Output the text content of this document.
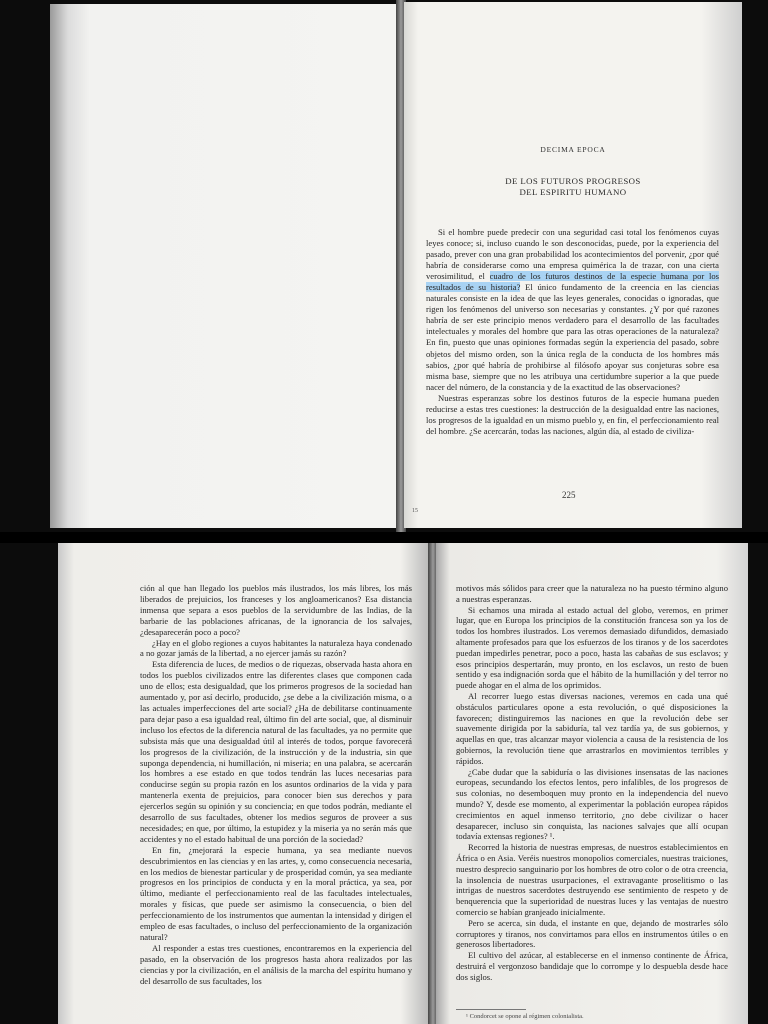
DECIMA EPOCA
DE LOS FUTUROS PROGRESOS
DEL ESPIRITU HUMANO

Si el hombre puede predecir con una seguridad casi total los fenómenos cuyas leyes conoce; si, incluso cuando le son desconocidas, puede, por la experiencia del pasado, prever con una gran probabilidad los acontecimientos del porvenir, ¿por qué habría de considerarse como una empresa quimérica la de trazar, con una cierta verosimilitud, el cuadro de los futuros destinos de la especie humana por los resultados de su historia? El único fundamento de la creencia en las ciencias naturales consiste en la idea de que las leyes generales, conocidas o ignoradas, que rigen los fenómenos del universo son necesarias y constantes. ¿Y por qué razones habría de ser este principio menos verdadero para el desarrollo de las facultades intelectuales y morales del hombre que para las otras operaciones de la naturaleza? En fin, puesto que unas opiniones formadas según la experiencia del pasado, sobre objetos del mismo orden, son la única regla de la conducta de los hombres más sabios, ¿por qué habría de prohibirse al filósofo apoyar sus conjeturas sobre esa misma base, siempre que no les atribuya una certidumbre superior a la que puede nacer del número, de la constancia y de la exactitud de las observaciones?

Nuestras esperanzas sobre los destinos futuros de la especie humana pueden reducirse a estas tres cuestiones: la destrucción de la desigualdad entre las naciones, los progresos de la igualdad en un mismo pueblo y, en fin, el perfeccionamiento real del hombre. ¿Se acercarán, todas las naciones, algún día, al estado de civiliza-

225
15

ción al que han llegado los pueblos más ilustrados, los más libres, los más liberados de prejuicios, los franceses y los angloamericanos? Esa distancia inmensa que separa a esos pueblos de la servidumbre de las Indias, de la barbarie de las poblaciones africanas, de la ignorancia de los salvajes, ¿desaparecerán poco a poco?

¿Hay en el globo regiones a cuyos habitantes la naturaleza haya condenado a no gozar jamás de la libertad, a no ejercer jamás su razón?

Esta diferencia de luces, de medios o de riquezas, observada hasta ahora en todos los pueblos civilizados entre las diferentes clases que componen cada uno de ellos; esta desigualdad, que los primeros progresos de la sociedad han aumentado y, por así decirlo, producido, ¿se debe a la civilización misma, o a las actuales imperfecciones del arte social? ¿Ha de debilitarse continuamente para dejar paso a esa igualdad real, último fin del arte social, que, al disminuir incluso los efectos de la diferencia natural de las facultades, ya no permite que subsista más que una desigualdad útil al interés de todos, porque favorecerá los progresos de la civilización, de la instrucción y de la industria, sin que suponga dependencia, ni humillación, ni miseria; en una palabra, se acercarán los hombres a ese estado en que todos tendrán las luces necesarias para conducirse según su propia razón en los asuntos ordinarios de la vida y para mantenerla exenta de prejuicios, para conocer bien sus derechos y para ejercerlos según su opinión y su conciencia; en que todos podrán, mediante el desarrollo de sus facultades, obtener los medios seguros de proveer a sus necesidades; en que, por último, la estupidez y la miseria ya no serán más que accidentes y no el estado habitual de una porción de la sociedad?

En fin, ¿mejorará la especie humana, ya sea mediante nuevos descubrimientos en las ciencias y en las artes, y, como consecuencia necesaria, en los medios de bienestar particular y de prosperidad común, ya sea mediante progresos en los principios de conducta y en la moral práctica, ya sea, por último, mediante el perfeccionamiento real de las facultades intelectuales, morales y físicas, que puede ser asimismo la consecuencia, o bien del perfeccionamiento de los instrumentos que aumentan la intensidad y dirigen el empleo de esas facultades, o incluso del perfeccionamiento de la organización natural?

Al responder a estas tres cuestiones, encontraremos en la experiencia del pasado, en la observación de los progresos hasta ahora realizados por las ciencias y por la civilización, en el análisis de la marcha del espíritu humano y del desarrollo de sus facultades, los

motivos más sólidos para creer que la naturaleza no ha puesto término alguno a nuestras esperanzas.

Si echamos una mirada al estado actual del globo, veremos, en primer lugar, que en Europa los principios de la constitución francesa son ya los de todos los hombres ilustrados. Los veremos demasiado difundidos, demasiado altamente profesados para que los esfuerzos de los tiranos y de los sacerdotes puedan impedirles penetrar, poco a poco, hasta las cabañas de sus esclavos; y esos principios despertarán, muy pronto, en los esclavos, un resto de buen sentido y esa indignación sorda que el hábito de la humillación y del terror no puede ahogar en el alma de los oprimidos.

Al recorrer luego estas diversas naciones, veremos en cada una qué obstáculos particulares opone a esta revolución, o qué disposiciones la favorecen; distinguiremos las naciones en que la revolución debe ser suavemente dirigida por la sabiduría, tal vez tardía ya, de sus gobiernos, y aquellas en que, tras alcanzar mayor violencia a causa de la resistencia de los gobiernos, la revolución tiene que arrastrarlos en movimientos terribles y rápidos.

¿Cabe dudar que la sabiduría o las divisiones insensatas de las naciones europeas, secundando los efectos lentos, pero infalibles, de los progresos de sus colonias, no desemboquen muy pronto en la independencia del nuevo mundo? Y, desde ese momento, al experimentar la población europea rápidos crecimientos en aquel inmenso territorio, ¿no debe civilizar o hacer desaparecer, incluso sin conquista, las naciones salvajes que allí ocupan todavía extensas regiones? ¹.

Recorred la historia de nuestras empresas, de nuestros establecimientos en África o en Asia. Veréis nuestros monopolios comerciales, nuestras traiciones, nuestro desprecio sanguinario por los hombres de otro color o de otra creencia, la insolencia de nuestras usurpaciones, el extravagante proselitismo o las intrigas de nuestros sacerdotes destruyendo ese sentimiento de respeto y de benquerencia que la superioridad de nuestras luces y las ventajas de nuestro comercio se habían granjeado inicialmente.

Pero se acerca, sin duda, el instante en que, dejando de mostrarles sólo corruptores y tiranos, nos convirtamos para ellos en instrumentos útiles o en generosos libertadores.

El cultivo del azúcar, al establecerse en el inmenso continente de África, destruirá el vergonzoso bandidaje que lo corrompe y lo despuebla desde hace dos siglos.

¹ Condorcet se opone al régimen colonialista.
